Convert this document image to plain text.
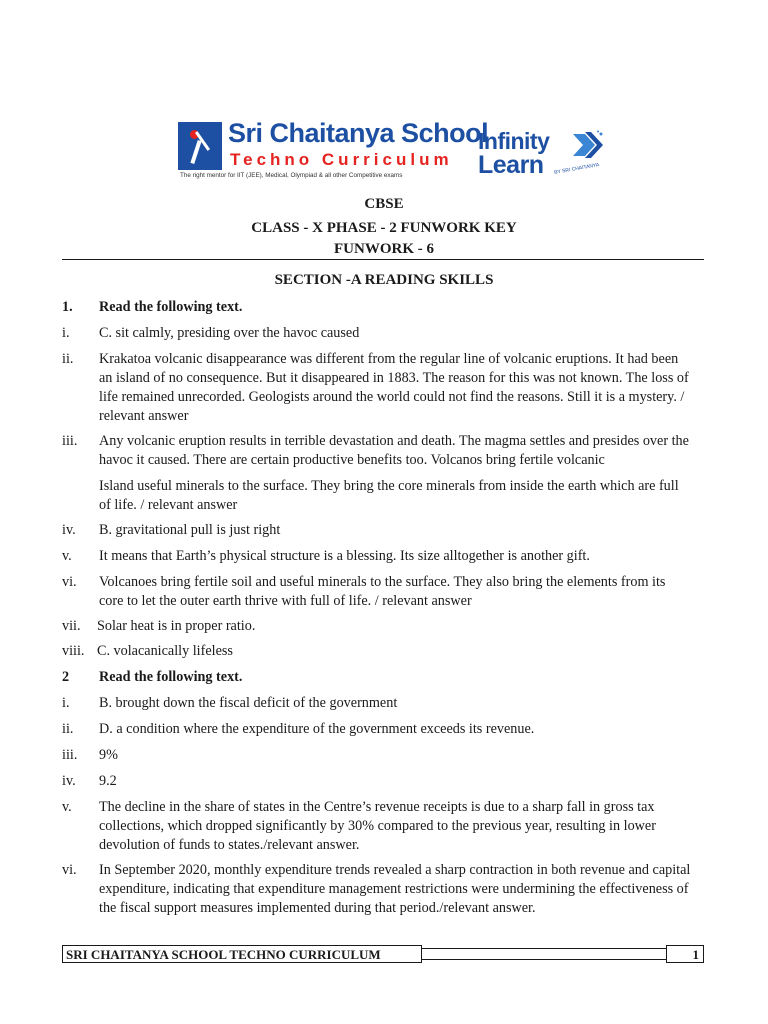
Sri Chaitanya School
Techno Curriculum
The right mentor for IIT (JEE), Medical, Olympiad & all other Competitive exams
Infinity
Learn BY SRI CHAITANYA
CBSE
CLASS - X PHASE - 2 FUNWORK KEY
FUNWORK - 6
SECTION -A READING SKILLS
1. Read the following text.
i. C. sit calmly, presiding over the havoc caused
ii. Krakatoa volcanic disappearance was different from the regular line of volcanic eruptions. It had been
an island of no consequence. But it disappeared in 1883. The reason for this was not known. The loss of
life remained unrecorded. Geologists around the world could not find the reasons. Still it is a mystery. /
relevant answer
iii. Any volcanic eruption results in terrible devastation and death. The magma settles and presides over the
havoc it caused. There are certain productive benefits too. Volcanos bring fertile volcanic
Island useful minerals to the surface. They bring the core minerals from inside the earth which are full
of life. / relevant answer
iv. B. gravitational pull is just right
v. It means that Earth’s physical structure is a blessing. Its size alltogether is another gift.
vi. Volcanoes bring fertile soil and useful minerals to the surface. They also bring the elements from its
core to let the outer earth thrive with full of life. / relevant answer
vii. Solar heat is in proper ratio.
viii. C. volacanically lifeless
2 Read the following text.
i. B. brought down the fiscal deficit of the government
ii. D. a condition where the expenditure of the government exceeds its revenue.
iii. 9%
iv. 9.2
v. The decline in the share of states in the Centre’s revenue receipts is due to a sharp fall in gross tax
collections, which dropped significantly by 30% compared to the previous year, resulting in lower
devolution of funds to states./relevant answer.
vi. In September 2020, monthly expenditure trends revealed a sharp contraction in both revenue and capital
expenditure, indicating that expenditure management restrictions were undermining the effectiveness of
the fiscal support measures implemented during that period./relevant answer.
SRI CHAITANYA SCHOOL TECHNO CURRICULUM	1
